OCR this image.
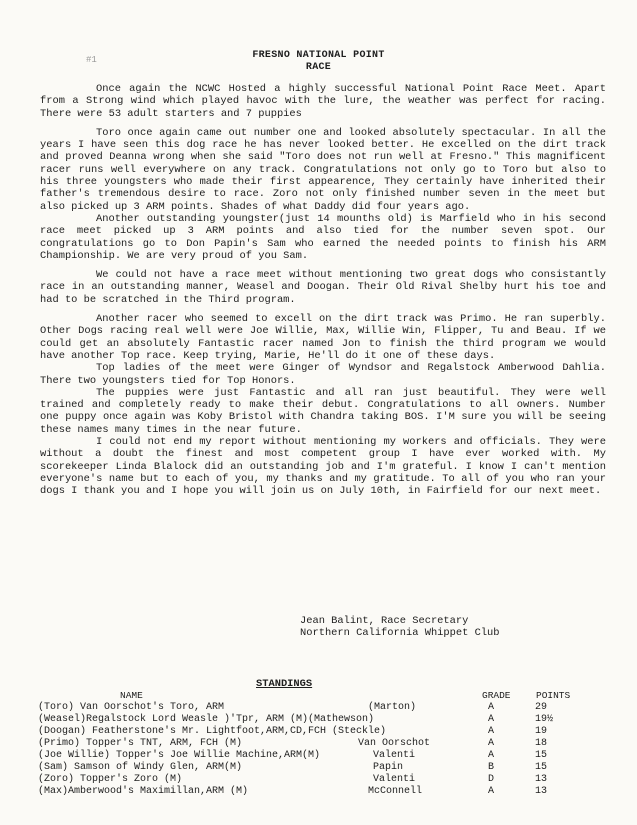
#1	FRESNO NATIONAL POINT
RACE

Once again the NCWC Hosted a highly successful National Point Race Meet. Apart from a Strong wind which played havoc with the lure, the weather was perfect for racing. There were 53 adult starters and 7 puppies

Toro once again came out number one and looked absolutely spectacular. In all the years I have seen this dog race he has never looked better. He excelled on the dirt track and proved Deanna wrong when she said "Toro does not run well at Fresno." This magnificent racer runs well everywhere on any track. Congratulations not only go to Toro but also to his three youngsters who made their first appearence, They certainly have inherited their father's tremendous desire to race. Zoro not only finished number seven in the meet but also picked up 3 ARM points. Shades of what Daddy did four years ago.

Another outstanding youngster(just 14 mounths old) is Marfield who in his second race meet picked up 3 ARM points and also tied for the number seven spot. Our congratulations go to Don Papin's Sam who earned the needed points to finish his ARM Championship. We are very proud of you Sam.

We could not have a race meet without mentioning two great dogs who consistantly race in an outstanding manner, Weasel and Doogan. Their Old Rival Shelby hurt his toe and had to be scratched in the Third program.

Another racer who seemed to excell on the dirt track was Primo. He ran superbly. Other Dogs racing real well were Joe Willie, Max, Willie Win, Flipper, Tu and Beau. If we could get an absolutely Fantastic racer named Jon to finish the third program we would have another Top race. Keep trying, Marie, He'll do it one of these days.

Top ladies of the meet were Ginger of Wyndsor and Regalstock Amberwood Dahlia. There two youngsters tied for Top Honors.

The puppies were just Fantastic and all ran just beautiful. They were well trained and completely ready to make their debut. Congratulations to all owners. Number one puppy once again was Koby Bristol with Chandra taking BOS. I'M sure you will be seeing these names many times in the near future.

I could not end my report without mentioning my workers and officials. They were without a doubt the finest and most competent group I have ever worked with. My scorekeeper Linda Blalock did an outstanding job and I'm grateful. I know I can't mention everyone's name but to each of you, my thanks and my gratitude. To all of you who ran your dogs I thank you and I hope you will join us on July 10th, in Fairfield for our next meet.

Jean Balint, Race Secretary
Northern California Whippet Club
STANDINGS
NAME	GRADE	POINTS
(Toro) Van Oorschot's Toro, ARM	(Marton)	A	29
(Weasel)Regalstock Lord Weasle )'Tpr, ARM (M)(Mathewson)	A	19½
(Doogan) Featherstone's Mr. Lightfoot,ARM,CD,FCH (Steckle)	A	19
(Primo) Topper's TNT, ARM, FCH (M)	Van Oorschot	A	18
(Joe Willie) Topper's Joe Willie Machine,ARM(M)	Valenti	A	15
(Sam) Samson of Windy Glen, ARM(M)	Papin	B	15
(Zoro) Topper's Zoro (M)	Valenti	D	13
(Max)Amberwood's Maximillan,ARM (M)	McConnell	A	13
